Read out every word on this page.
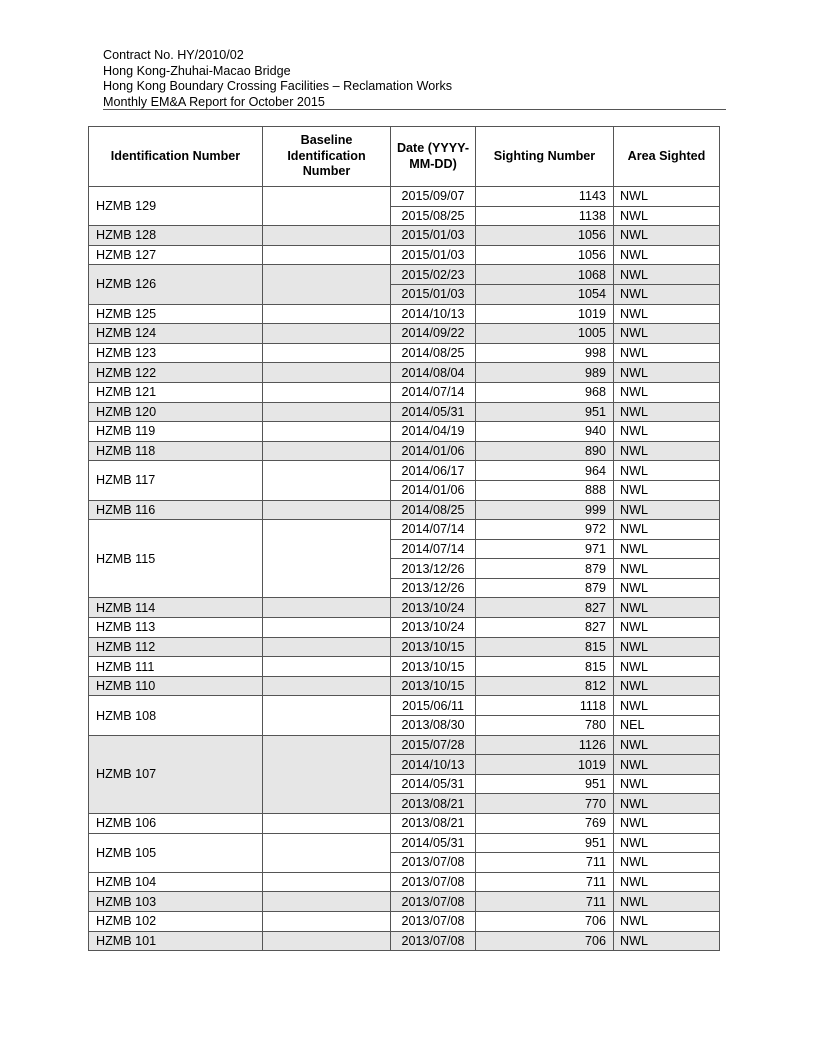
Contract No. HY/2010/02
Hong Kong-Zhuhai-Macao Bridge
Hong Kong Boundary Crossing Facilities – Reclamation Works
Monthly EM&A Report for October 2015
Identification Number	Baseline Identification Number	Date (YYYY-MM-DD)	Sighting Number	Area Sighted
HZMB 129		2015/09/07	1143	NWL
		2015/08/25	1138	NWL
HZMB 128		2015/01/03	1056	NWL
HZMB 127		2015/01/03	1056	NWL
HZMB 126		2015/02/23	1068	NWL
		2015/01/03	1054	NWL
HZMB 125		2014/10/13	1019	NWL
HZMB 124		2014/09/22	1005	NWL
HZMB 123		2014/08/25	998	NWL
HZMB 122		2014/08/04	989	NWL
HZMB 121		2014/07/14	968	NWL
HZMB 120		2014/05/31	951	NWL
HZMB 119		2014/04/19	940	NWL
HZMB 118		2014/01/06	890	NWL
HZMB 117		2014/06/17	964	NWL
		2014/01/06	888	NWL
HZMB 116		2014/08/25	999	NWL
HZMB 115		2014/07/14	972	NWL
		2014/07/14	971	NWL
		2013/12/26	879	NWL
		2013/12/26	879	NWL
HZMB 114		2013/10/24	827	NWL
HZMB 113		2013/10/24	827	NWL
HZMB 112		2013/10/15	815	NWL
HZMB 111		2013/10/15	815	NWL
HZMB 110		2013/10/15	812	NWL
HZMB 108		2015/06/11	1118	NWL
		2013/08/30	780	NEL
HZMB 107		2015/07/28	1126	NWL
		2014/10/13	1019	NWL
		2014/05/31	951	NWL
		2013/08/21	770	NWL
HZMB 106		2013/08/21	769	NWL
HZMB 105		2014/05/31	951	NWL
		2013/07/08	711	NWL
HZMB 104		2013/07/08	711	NWL
HZMB 103		2013/07/08	711	NWL
HZMB 102		2013/07/08	706	NWL
HZMB 101		2013/07/08	706	NWL
